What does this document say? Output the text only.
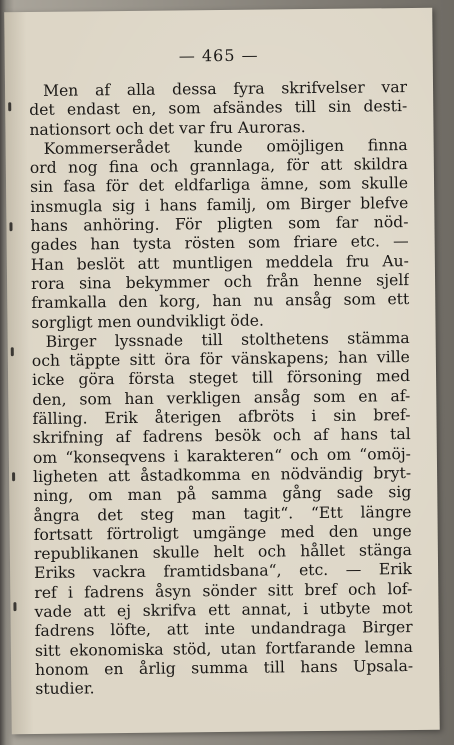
— 465 —
Men af alla dessa fyra skrifvelser var
det endast en, som afsändes till sin desti-
nationsort och det var fru Auroras.
Kommerserådet kunde omöjligen finna
ord nog fina och grannlaga, för att skildra
sin fasa för det eldfarliga ämne, som skulle
insmugla sig i hans familj, om Birger blefve
hans anhöring. För pligten som far nöd-
gades han tysta rösten som friare etc. —
Han beslöt att muntligen meddela fru Au-
rora sina bekymmer och från henne sjelf
framkalla den korg, han nu ansåg som ett
sorgligt men oundvikligt öde.
Birger lyssnade till stolthetens stämma
och täppte sitt öra för vänskapens; han ville
icke göra första steget till försoning med
den, som han verkligen ansåg som en af-
fälling. Erik återigen afbröts i sin bref-
skrifning af fadrens besök och af hans tal
om “konseqvens i karakteren“ och om “omöj-
ligheten att åstadkomma en nödvändig bryt-
ning, om man på samma gång sade sig
ångra det steg man tagit“. “Ett längre
fortsatt förtroligt umgänge med den unge
republikanen skulle helt och hållet stänga
Eriks vackra framtidsbana“, etc. — Erik
ref i fadrens åsyn sönder sitt bref och lof-
vade att ej skrifva ett annat, i utbyte mot
fadrens löfte, att inte undandraga Birger
sitt ekonomiska stöd, utan fortfarande lemna
honom en årlig summa till hans Upsala-
studier.
